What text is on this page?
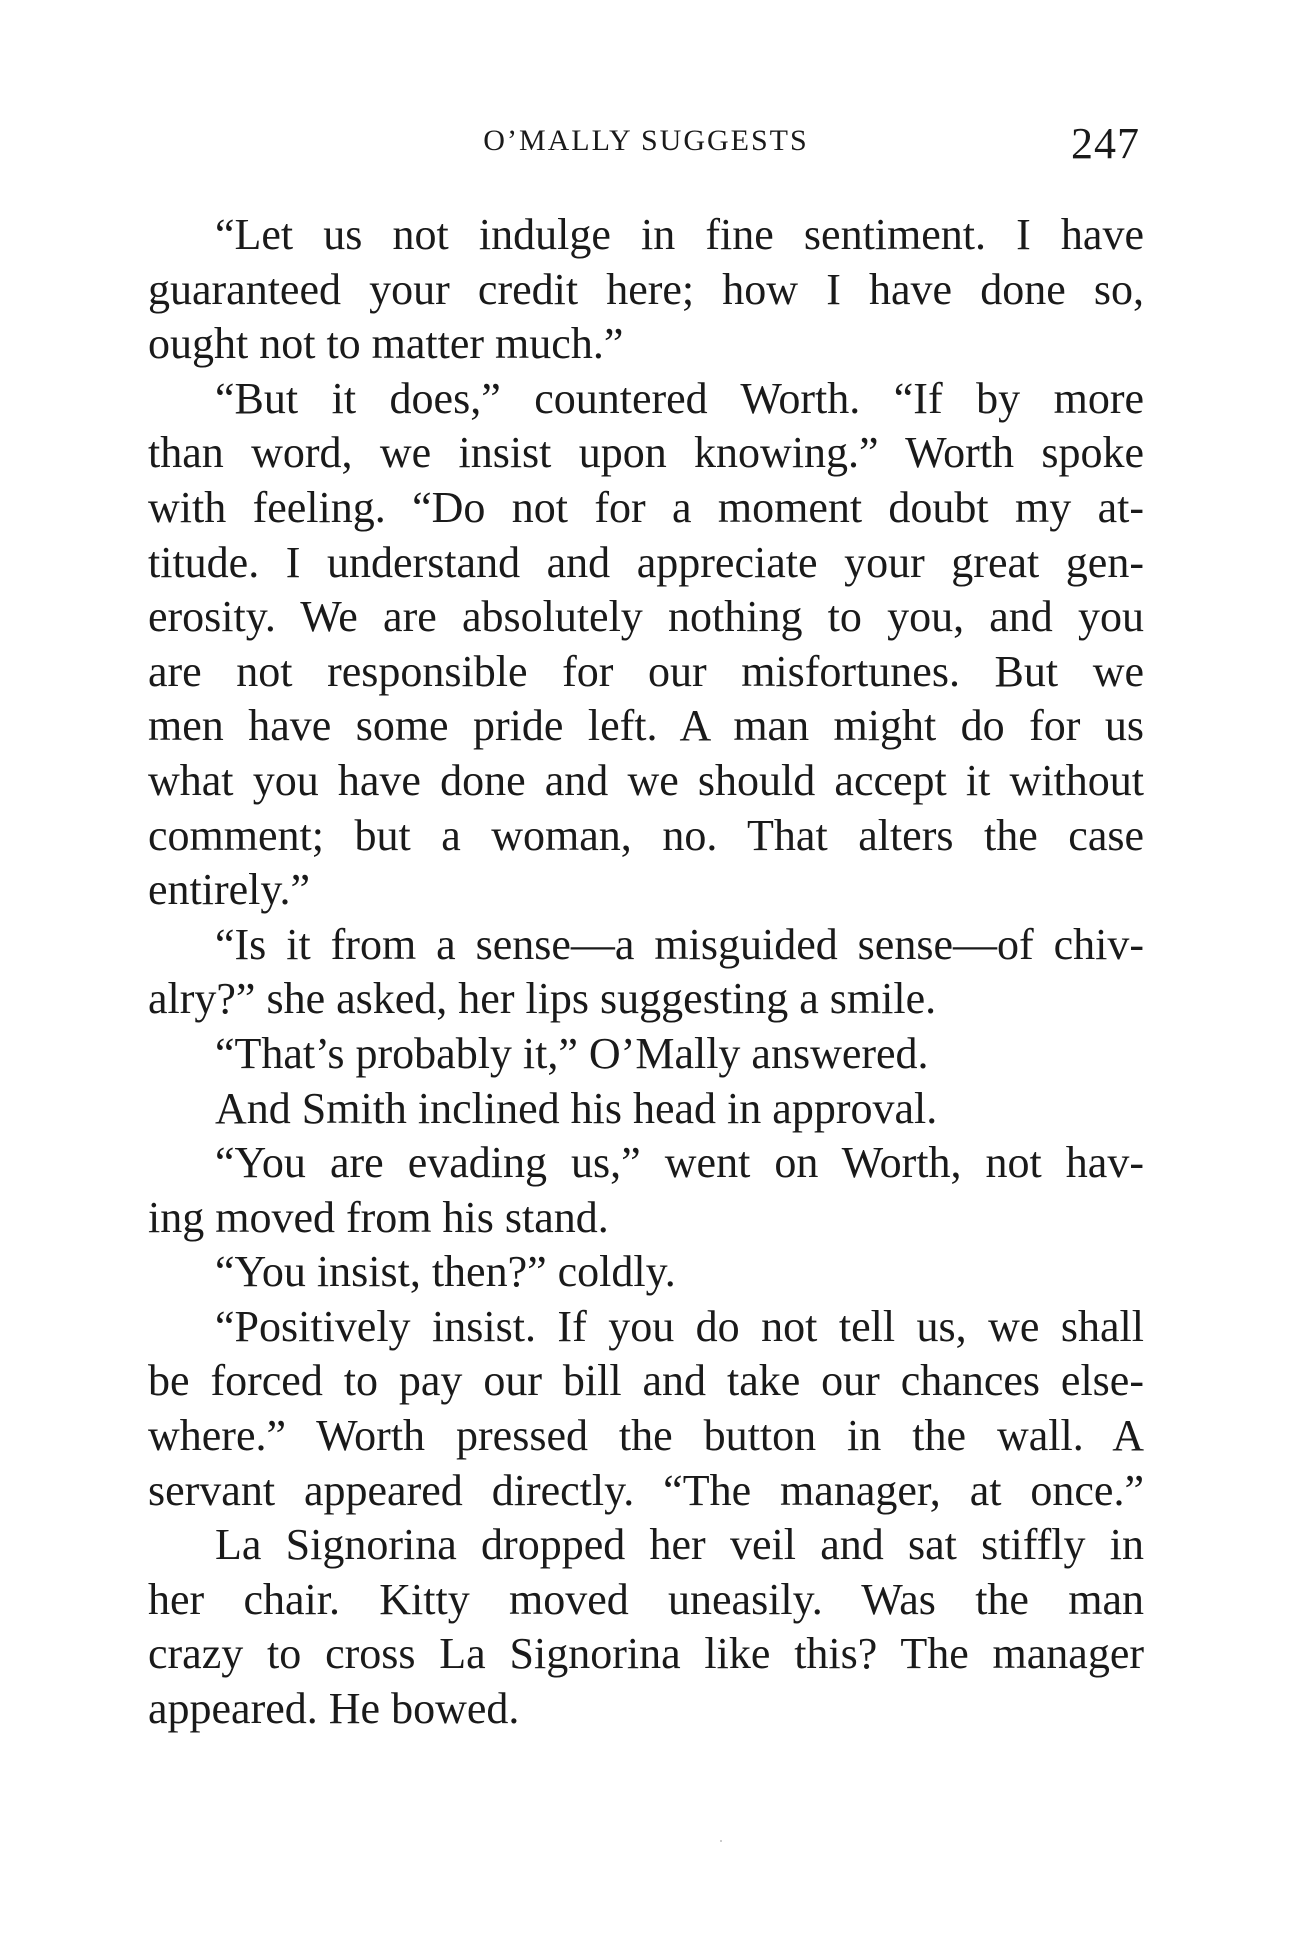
O’MALLY SUGGESTS	247
“Let us not indulge in fine sentiment. I have
guaranteed your credit here; how I have done so,
ought not to matter much.”
“But it does,” countered Worth. “If by more
than word, we insist upon knowing.” Worth spoke
with feeling. “Do not for a moment doubt my at-
titude. I understand and appreciate your great gen-
erosity. We are absolutely nothing to you, and you
are not responsible for our misfortunes. But we
men have some pride left. A man might do for us
what you have done and we should accept it without
comment; but a woman, no. That alters the case
entirely.”
“Is it from a sense—a misguided sense—of chiv-
alry?” she asked, her lips suggesting a smile.
“That’s probably it,” O’Mally answered.
And Smith inclined his head in approval.
“You are evading us,” went on Worth, not hav-
ing moved from his stand.
“You insist, then?” coldly.
“Positively insist. If you do not tell us, we shall
be forced to pay our bill and take our chances else-
where.” Worth pressed the button in the wall. A
servant appeared directly. “The manager, at once.”
La Signorina dropped her veil and sat stiffly in
her chair. Kitty moved uneasily. Was the man
crazy to cross La Signorina like this? The manager
appeared. He bowed.
